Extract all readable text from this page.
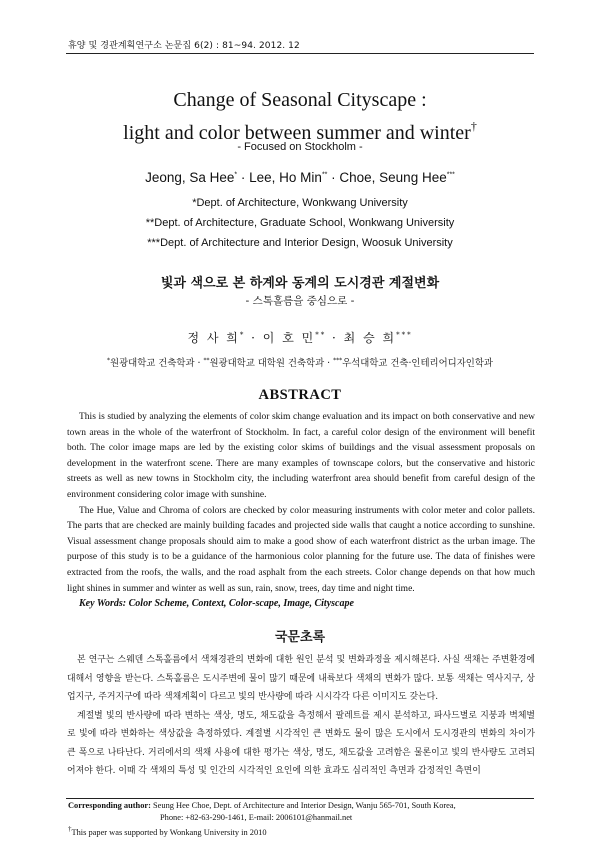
휴양 및 경관계획연구소 논문집 6(2) : 81~94. 2012. 12
Change of Seasonal Cityscape :
light and color between summer and winter†
- Focused on Stockholm -
Jeong, Sa Hee* · Lee, Ho Min** · Choe, Seung Hee***
*Dept. of Architecture, Wonkwang University
**Dept. of Architecture, Graduate School, Wonkwang University
***Dept. of Architecture and Interior Design, Woosuk University
빛과 색으로 본 하계와 동계의 도시경관 계절변화
- 스톡홀름을 중심으로 -
정 사 희* · 이 호 민** · 최 승 희***
*원광대학교 건축학과 · **원광대학교 대학원 건축학과 · ***우석대학교 건축·인테리어디자인학과
ABSTRACT

This is studied by analyzing the elements of color skim change evaluation and its impact on both conservative and new town areas in the whole of the waterfront of Stockholm. In fact, a careful color design of the environment will benefit both. The color image maps are led by the existing color skims of buildings and the visual assessment proposals on development in the waterfront scene. There are many examples of townscape colors, but the conservative and historic streets as well as new towns in Stockholm city, the including waterfront area should benefit from careful design of the environment considering color image with sunshine.

The Hue, Value and Chroma of colors are checked by color measuring instruments with color meter and color pallets. The parts that are checked are mainly building facades and projected side walls that caught a notice according to sunshine. Visual assessment change proposals should aim to make a good show of each waterfront district as the urban image. The purpose of this study is to be a guidance of the harmonious color planning for the future use. The data of finishes were extracted from the roofs, the walls, and the road asphalt from the each streets. Color change depends on that how much light shines in summer and winter as well as sun, rain, snow, trees, day time and night time.

Key Words: Color Scheme, Context, Color-scape, Image, Cityscape
국문초록

본 연구는 스웨덴 스톡홀름에서 색채경관의 변화에 대한 원인 분석 및 변화과정을 제시해본다. 사실 색채는 주변환경에 대해서 영향을 받는다. 스톡홀름은 도시주변에 물이 많기 때문에 내륙보다 색채의 변화가 많다. 보통 색채는 역사지구, 상업지구, 주거지구에 따라 색채계획이 다르고 빛의 반사량에 따라 시시각각 다른 이미지도 갖는다.

계절별 빛의 반사량에 따라 변하는 색상, 명도, 채도값을 측정해서 팔레트를 제시 분석하고, 파사드별로 지붕과 벽체별로 빛에 따라 변화하는 색상값을 측정하였다. 계절별 시각적인 큰 변화도 물이 많은 도시에서 도시경관의 변화의 차이가 큰 폭으로 나타난다. 거리에서의 색채 사용에 대한 평가는 색상, 명도, 채도값을 고려함은 물론이고 빛의 반사량도 고려되어져야 한다. 이때 각 색채의 특성 및 인간의 시각적인 요인에 의한 효과도 심리적인 측면과 감정적인 측면이

Corresponding author: Seung Hee Choe, Dept. of Architecture and Interior Design, Wanju 565-701, South Korea,
Phone: +82-63-290-1461, E-mail: 2006101@hanmail.net
†This paper was supported by Wonkang University in 2010
